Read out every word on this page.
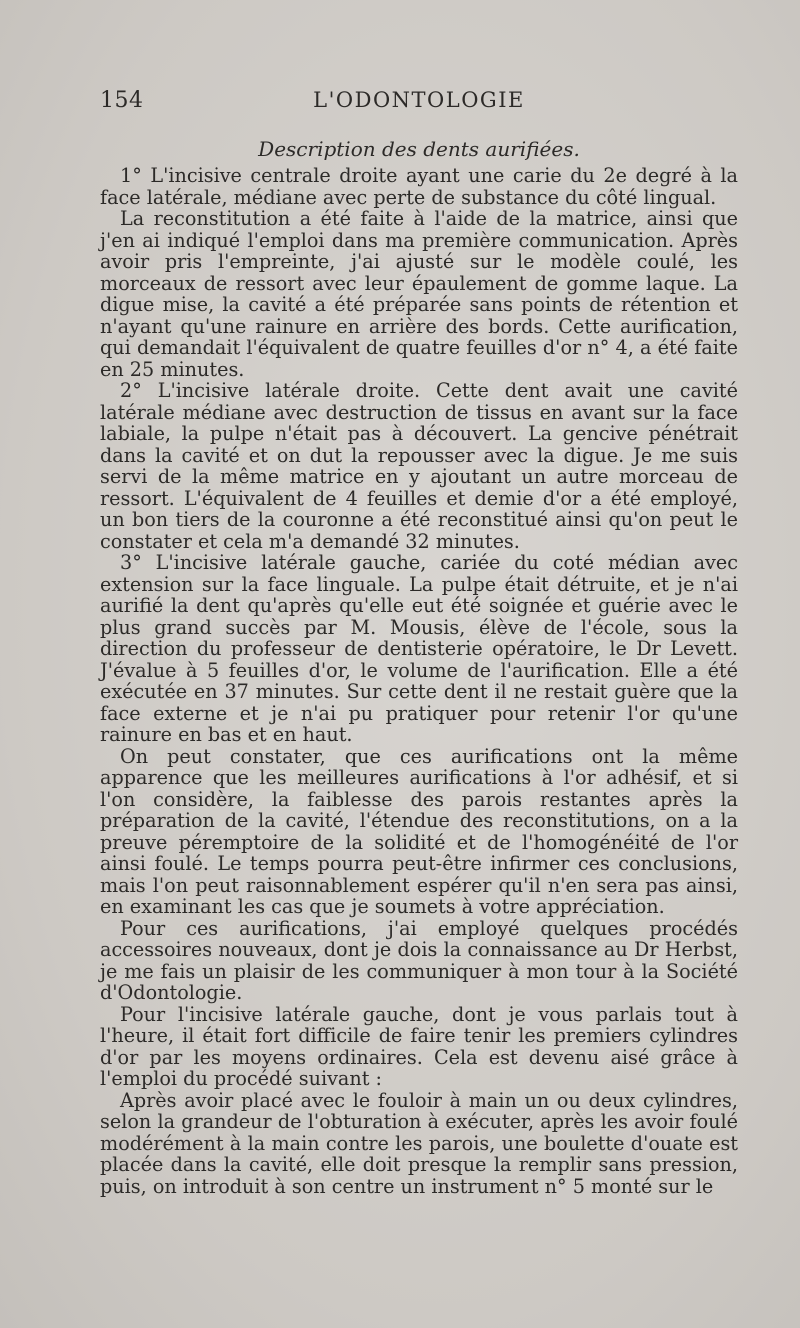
154	L'ODONTOLOGIE

Description des dents aurifiées.

1° L'incisive centrale droite ayant une carie du 2e degré à la face latérale, médiane avec perte de substance du côté lingual.

La reconstitution a été faite à l'aide de la matrice, ainsi que j'en ai indiqué l'emploi dans ma première communication. Après avoir pris l'empreinte, j'ai ajusté sur le modèle coulé, les morceaux de ressort avec leur épaulement de gomme laque. La digue mise, la cavité a été préparée sans points de rétention et n'ayant qu'une rainure en arrière des bords. Cette aurification, qui demandait l'équivalent de quatre feuilles d'or n° 4, a été faite en 25 minutes.

2° L'incisive latérale droite. Cette dent avait une cavité latérale médiane avec destruction de tissus en avant sur la face labiale, la pulpe n'était pas à découvert. La gencive pénétrait dans la cavité et on dut la repousser avec la digue. Je me suis servi de la même matrice en y ajoutant un autre morceau de ressort. L'équivalent de 4 feuilles et demie d'or a été employé, un bon tiers de la couronne a été reconstitué ainsi qu'on peut le constater et cela m'a demandé 32 minutes.

3° L'incisive latérale gauche, cariée du coté médian avec extension sur la face linguale. La pulpe était détruite, et je n'ai aurifié la dent qu'après qu'elle eut été soignée et guérie avec le plus grand succès par M. Mousis, élève de l'école, sous la direction du professeur de dentisterie opératoire, le Dr Levett. J'évalue à 5 feuilles d'or, le volume de l'aurification. Elle a été exécutée en 37 minutes. Sur cette dent il ne restait guère que la face externe et je n'ai pu pratiquer pour retenir l'or qu'une rainure en bas et en haut.

On peut constater, que ces aurifications ont la même apparence que les meilleures aurifications à l'or adhésif, et si l'on considère, la faiblesse des parois restantes après la préparation de la cavité, l'étendue des reconstitutions, on a la preuve péremptoire de la solidité et de l'homogénéité de l'or ainsi foulé. Le temps pourra peut-être infirmer ces conclusions, mais l'on peut raisonnablement espérer qu'il n'en sera pas ainsi, en examinant les cas que je soumets à votre appréciation.

Pour ces aurifications, j'ai employé quelques procédés accessoires nouveaux, dont je dois la connaissance au Dr Herbst, je me fais un plaisir de les communiquer à mon tour à la Société d'Odontologie.

Pour l'incisive latérale gauche, dont je vous parlais tout à l'heure, il était fort difficile de faire tenir les premiers cylindres d'or par les moyens ordinaires. Cela est devenu aisé grâce à l'emploi du procédé suivant :

Après avoir placé avec le fouloir à main un ou deux cylindres, selon la grandeur de l'obturation à exécuter, après les avoir foulé modérément à la main contre les parois, une boulette d'ouate est placée dans la cavité, elle doit presque la remplir sans pression, puis, on introduit à son centre un instrument n° 5 monté sur le
